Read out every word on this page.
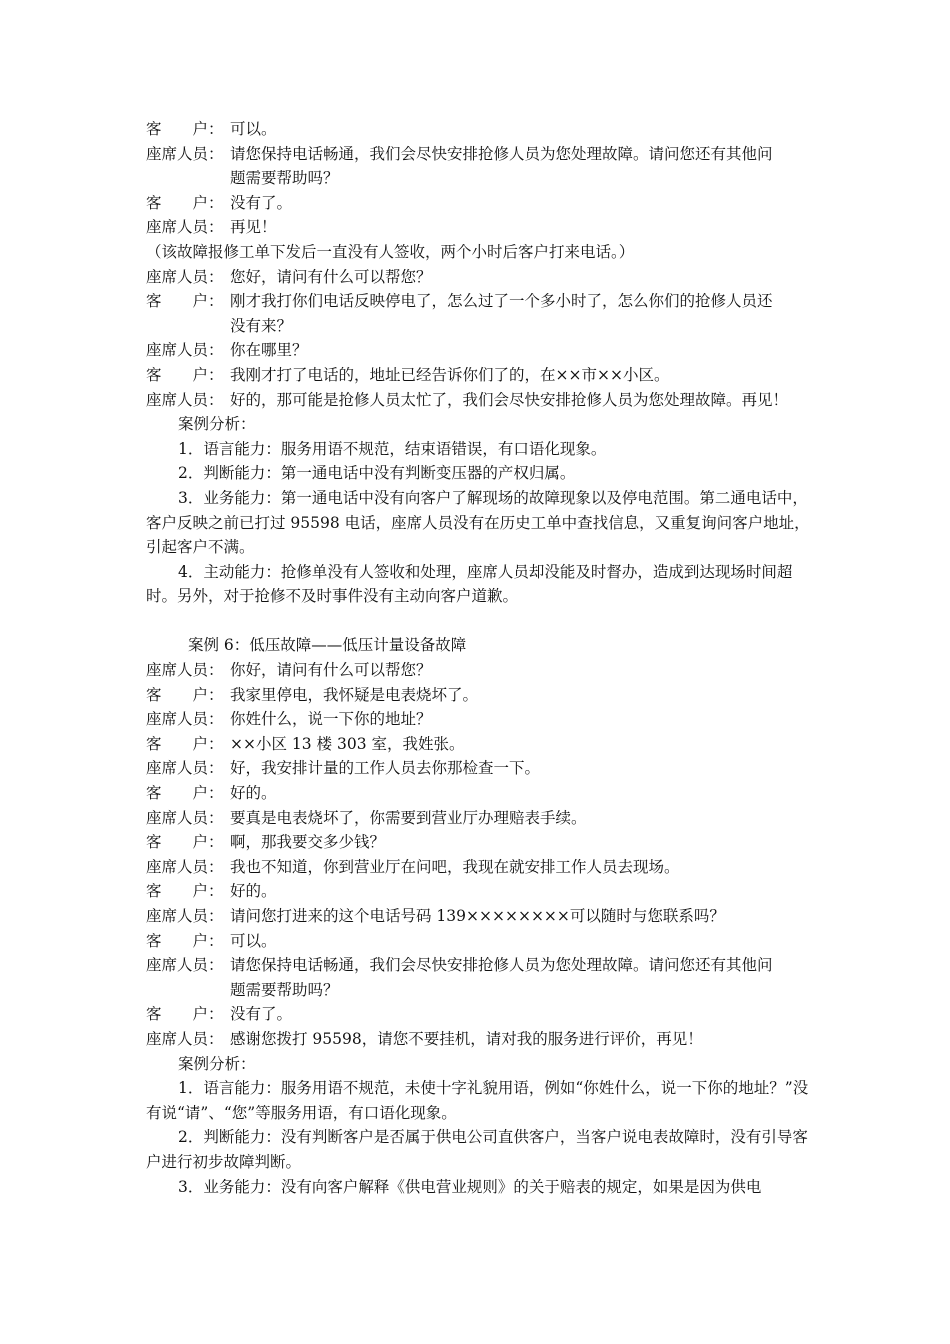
客　　户： 可以。
座席人员： 请您保持电话畅通，我们会尽快安排抢修人员为您处理故障。请问您还有其他问
题需要帮助吗？
客　　户： 没有了。
座席人员： 再见！
（该故障报修工单下发后一直没有人签收，两个小时后客户打来电话。）
座席人员： 您好，请问有什么可以帮您？
客　　户： 刚才我打你们电话反映停电了，怎么过了一个多小时了，怎么你们的抢修人员还
没有来？
座席人员： 你在哪里？
客　　户： 我刚才打了电话的，地址已经告诉你们了的，在××市××小区。
座席人员： 好的，那可能是抢修人员太忙了，我们会尽快安排抢修人员为您处理故障。再见！
案例分析：
1．语言能力：服务用语不规范，结束语错误，有口语化现象。
2．判断能力：第一通电话中没有判断变压器的产权归属。
3．业务能力：第一通电话中没有向客户了解现场的故障现象以及停电范围。第二通电话中，客户反映之前已打过 95598 电话，座席人员没有在历史工单中查找信息，又重复询问客户地址，引起客户不满。
4．主动能力：抢修单没有人签收和处理，座席人员却没能及时督办，造成到达现场时间超时。另外，对于抢修不及时事件没有主动向客户道歉。
案例 6：低压故障——低压计量设备故障
座席人员： 你好，请问有什么可以帮您？
客　　户： 我家里停电，我怀疑是电表烧坏了。
座席人员： 你姓什么，说一下你的地址？
客　　户： ××小区 13 楼 303 室，我姓张。
座席人员： 好，我安排计量的工作人员去你那检查一下。
客　　户： 好的。
座席人员： 要真是电表烧坏了，你需要到营业厅办理赔表手续。
客　　户： 啊，那我要交多少钱？
座席人员： 我也不知道，你到营业厅在问吧，我现在就安排工作人员去现场。
客　　户： 好的。
座席人员： 请问您打进来的这个电话号码 139××××××××可以随时与您联系吗？
客　　户： 可以。
座席人员： 请您保持电话畅通，我们会尽快安排抢修人员为您处理故障。请问您还有其他问
题需要帮助吗？
客　　户： 没有了。
座席人员： 感谢您拨打 95598，请您不要挂机，请对我的服务进行评价，再见！
案例分析：
1．语言能力：服务用语不规范，未使十字礼貌用语，例如“你姓什么，说一下你的地址？”没有说“请”、“您”等服务用语，有口语化现象。
2．判断能力：没有判断客户是否属于供电公司直供客户，当客户说电表故障时，没有引导客户进行初步故障判断。
3．业务能力：没有向客户解释《供电营业规则》的关于赔表的规定，如果是因为供电
